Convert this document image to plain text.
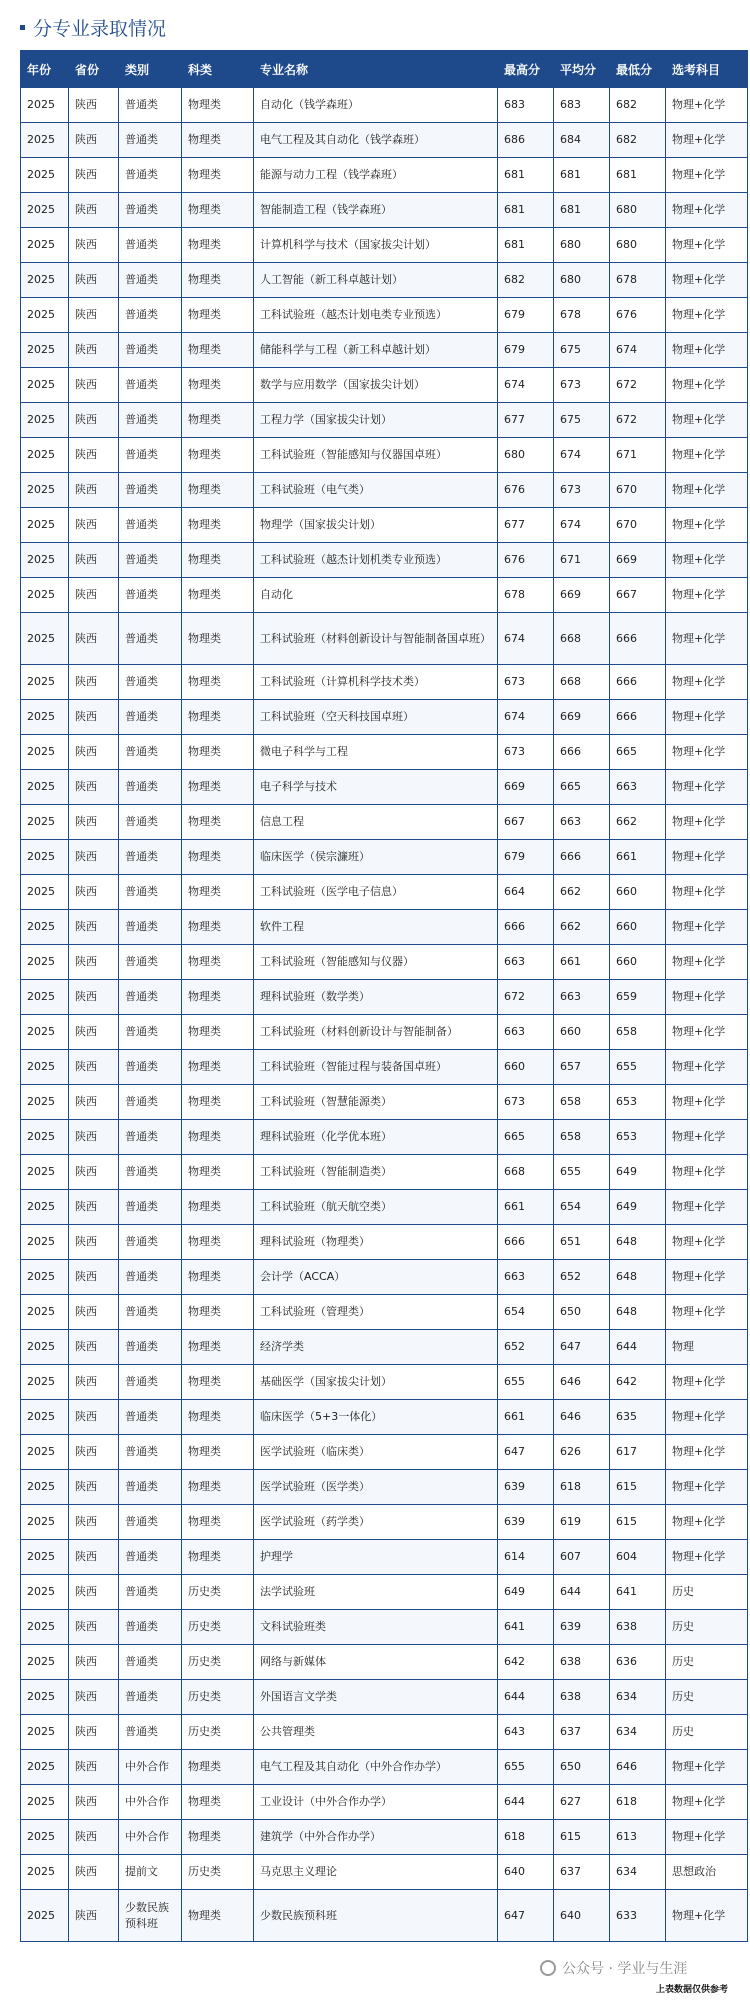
分专业录取情况
年份	省份	类别	科类	专业名称	最高分	平均分	最低分	选考科目
2025	陕西	普通类	物理类	自动化（钱学森班）	683	683	682	物理+化学
2025	陕西	普通类	物理类	电气工程及其自动化（钱学森班）	686	684	682	物理+化学
2025	陕西	普通类	物理类	能源与动力工程（钱学森班）	681	681	681	物理+化学
2025	陕西	普通类	物理类	智能制造工程（钱学森班）	681	681	680	物理+化学
2025	陕西	普通类	物理类	计算机科学与技术（国家拔尖计划）	681	680	680	物理+化学
2025	陕西	普通类	物理类	人工智能（新工科卓越计划）	682	680	678	物理+化学
2025	陕西	普通类	物理类	工科试验班（越杰计划电类专业预选）	679	678	676	物理+化学
2025	陕西	普通类	物理类	储能科学与工程（新工科卓越计划）	679	675	674	物理+化学
2025	陕西	普通类	物理类	数学与应用数学（国家拔尖计划）	674	673	672	物理+化学
2025	陕西	普通类	物理类	工程力学（国家拔尖计划）	677	675	672	物理+化学
2025	陕西	普通类	物理类	工科试验班（智能感知与仪器国卓班）	680	674	671	物理+化学
2025	陕西	普通类	物理类	工科试验班（电气类）	676	673	670	物理+化学
2025	陕西	普通类	物理类	物理学（国家拔尖计划）	677	674	670	物理+化学
2025	陕西	普通类	物理类	工科试验班（越杰计划机类专业预选）	676	671	669	物理+化学
2025	陕西	普通类	物理类	自动化	678	669	667	物理+化学
2025	陕西	普通类	物理类	工科试验班（材料创新设计与智能制备国卓班）	674	668	666	物理+化学
2025	陕西	普通类	物理类	工科试验班（计算机科学技术类）	673	668	666	物理+化学
2025	陕西	普通类	物理类	工科试验班（空天科技国卓班）	674	669	666	物理+化学
2025	陕西	普通类	物理类	微电子科学与工程	673	666	665	物理+化学
2025	陕西	普通类	物理类	电子科学与技术	669	665	663	物理+化学
2025	陕西	普通类	物理类	信息工程	667	663	662	物理+化学
2025	陕西	普通类	物理类	临床医学（侯宗濂班）	679	666	661	物理+化学
2025	陕西	普通类	物理类	工科试验班（医学电子信息）	664	662	660	物理+化学
2025	陕西	普通类	物理类	软件工程	666	662	660	物理+化学
2025	陕西	普通类	物理类	工科试验班（智能感知与仪器）	663	661	660	物理+化学
2025	陕西	普通类	物理类	理科试验班（数学类）	672	663	659	物理+化学
2025	陕西	普通类	物理类	工科试验班（材料创新设计与智能制备）	663	660	658	物理+化学
2025	陕西	普通类	物理类	工科试验班（智能过程与装备国卓班）	660	657	655	物理+化学
2025	陕西	普通类	物理类	工科试验班（智慧能源类）	673	658	653	物理+化学
2025	陕西	普通类	物理类	理科试验班（化学优本班）	665	658	653	物理+化学
2025	陕西	普通类	物理类	工科试验班（智能制造类）	668	655	649	物理+化学
2025	陕西	普通类	物理类	工科试验班（航天航空类）	661	654	649	物理+化学
2025	陕西	普通类	物理类	理科试验班（物理类）	666	651	648	物理+化学
2025	陕西	普通类	物理类	会计学（ACCA）	663	652	648	物理+化学
2025	陕西	普通类	物理类	工科试验班（管理类）	654	650	648	物理+化学
2025	陕西	普通类	物理类	经济学类	652	647	644	物理
2025	陕西	普通类	物理类	基础医学（国家拔尖计划）	655	646	642	物理+化学
2025	陕西	普通类	物理类	临床医学（5+3一体化）	661	646	635	物理+化学
2025	陕西	普通类	物理类	医学试验班（临床类）	647	626	617	物理+化学
2025	陕西	普通类	物理类	医学试验班（医学类）	639	618	615	物理+化学
2025	陕西	普通类	物理类	医学试验班（药学类）	639	619	615	物理+化学
2025	陕西	普通类	物理类	护理学	614	607	604	物理+化学
2025	陕西	普通类	历史类	法学试验班	649	644	641	历史
2025	陕西	普通类	历史类	文科试验班类	641	639	638	历史
2025	陕西	普通类	历史类	网络与新媒体	642	638	636	历史
2025	陕西	普通类	历史类	外国语言文学类	644	638	634	历史
2025	陕西	普通类	历史类	公共管理类	643	637	634	历史
2025	陕西	中外合作	物理类	电气工程及其自动化（中外合作办学）	655	650	646	物理+化学
2025	陕西	中外合作	物理类	工业设计（中外合作办学）	644	627	618	物理+化学
2025	陕西	中外合作	物理类	建筑学（中外合作办学）	618	615	613	物理+化学
2025	陕西	提前文	历史类	马克思主义理论	640	637	634	思想政治
2025	陕西	少数民族预科班	物理类	少数民族预科班	647	640	633	物理+化学
公众号 · 学业与生涯
上表数据仅供参考
